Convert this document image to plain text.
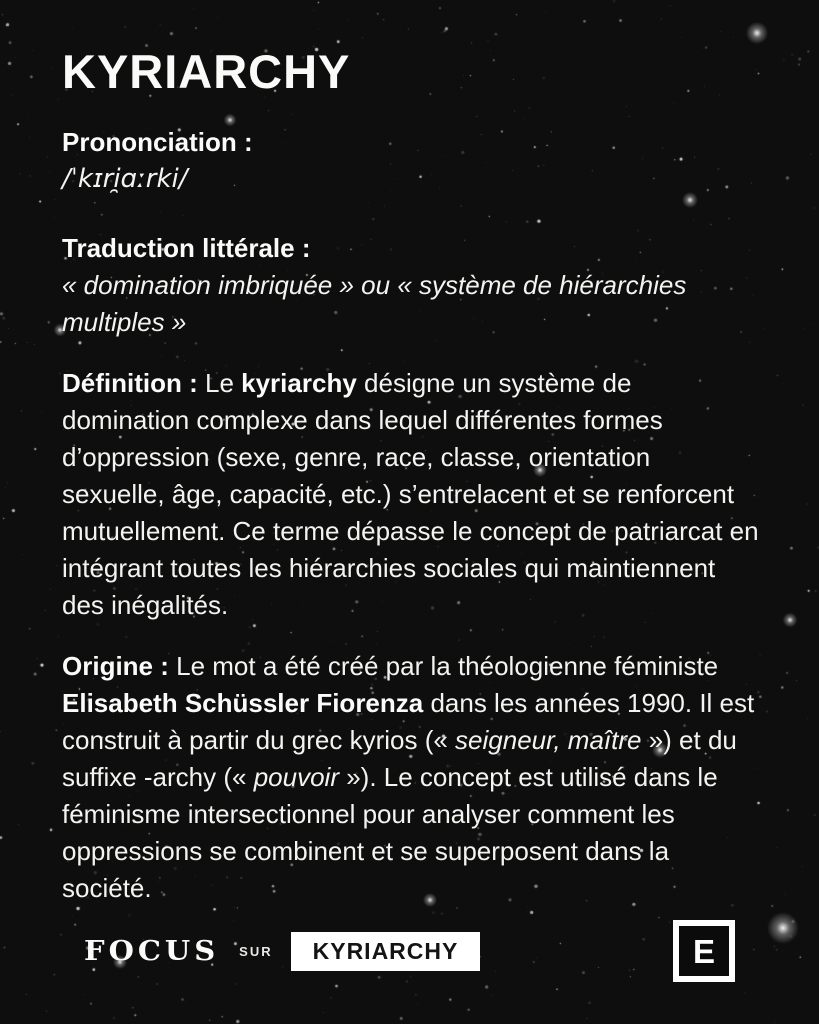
KYRIARCHY
Prononciation :
/ˈkɪri̯ɑːrki/
Traduction littérale :
« domination imbriquée » ou « système de hiérarchies multiples »

Définition : Le kyriarchy désigne un système de domination complexe dans lequel différentes formes d’oppression (sexe, genre, race, classe, orientation sexuelle, âge, capacité, etc.) s’entrelacent et se renforcent mutuellement. Ce terme dépasse le concept de patriarcat en intégrant toutes les hiérarchies sociales qui maintiennent des inégalités.

Origine : Le mot a été créé par la théologienne féministe Elisabeth Schüssler Fiorenza dans les années 1990. Il est construit à partir du grec kyrios (« seigneur, maître ») et du suffixe -archy (« pouvoir »). Le concept est utilisé dans le féminisme intersectionnel pour analyser comment les oppressions se combinent et se superposent dans la société.

FOCUS SUR	KYRIARCHY	E
